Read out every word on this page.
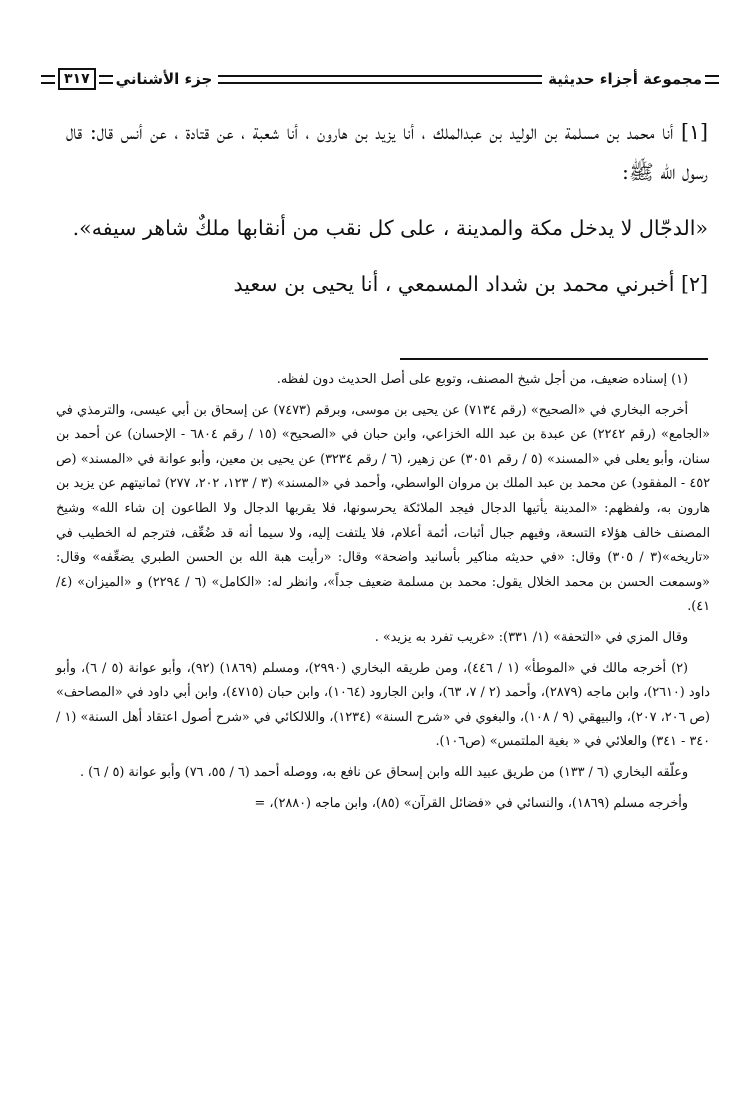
مجموعة أجزاء حديثية
جزء الأشناني
٣١٧

[١] أنا محمد بن مسلمة بن الوليد بن عبدالملك ، أنا يزيد بن هارون ، أنا شعبة ، عن قتادة ، عن أنس قال: قال رسول الله ﷺ:

«الدجّال لا يدخل مكة والمدينة ، على كل نقب من أنقابها ملكٌ شاهر سيفه».

[٢] أخبرني محمد بن شداد المسمعي ، أنا يحيى بن سعيد

(١) إسناده ضعيف، من أجل شيخ المصنف، وتوبع على أصل الحديث دون لفظه.

أخرجه البخاري في «الصحيح» (رقم ٧١٣٤) عن يحيى بن موسى، وبرقم (٧٤٧٣) عن إسحاق بن أبي عيسى، والترمذي في «الجامع» (رقم ٢٢٤٢) عن عبدة بن عبد الله الخزاعي، وابن حبان في «الصحيح» (١٥ / رقم ٦٨٠٤ - الإحسان) عن أحمد بن سنان، وأبو يعلى في «المسند» (٥ / رقم ٣٠٥١) عن زهير، (٦ / رقم ٣٢٣٤) عن يحيى بن معين، وأبو عوانة في «المسند» (ص ٤٥٢ - المفقود) عن محمد بن عبد الملك بن مروان الواسطي، وأحمد في «المسند» (٣ / ١٢٣، ٢٠٢، ٢٧٧) ثمانيتهم عن يزيد بن هارون به، ولفظهم: «المدينة يأتيها الدجال فيجد الملائكة يحرسونها، فلا يقربها الدجال ولا الطاعون إن شاء الله» وشيخ المصنف خالف هؤلاء التسعة، وفيهم جبال أثبات، أئمة أعلام، فلا يلتفت إليه، ولا سيما أنه قد ضُعِّف، فترجم له الخطيب في «تاريخه»(٣ / ٣٠٥) وقال: «في حديثه مناكير بأسانيد واضحة» وقال: «رأيت هبة الله بن الحسن الطبري يضعِّفه» وقال: «وسمعت الحسن بن محمد الخلال يقول: محمد بن مسلمة ضعيف جداً»، وانظر له: «الكامل» (٦ / ٢٢٩٤) و «الميزان» (٤/ ٤١).

وقال المزي في «التحفة» (١/ ٣٣١): «غريب تفرد به يزيد» .

(٢) أخرجه مالك في «الموطأ» (١ / ٤٤٦)، ومن طريقه البخاري (٢٩٩٠)، ومسلم (١٨٦٩) (٩٢)، وأبو عوانة (٥ / ٦)، وأبو داود (٢٦١٠)، وابن ماجه (٢٨٧٩)، وأحمد (٢ / ٧، ٦٣)، وابن الجارود (١٠٦٤)، وابن حبان (٤٧١٥)، وابن أبي داود في «المصاحف» (ص ٢٠٦، ٢٠٧)، والبيهقي (٩ / ١٠٨)، والبغوي في «شرح السنة» (١٢٣٤)، واللالكائي في «شرح أصول اعتقاد أهل السنة» (١ / ٣٤٠ - ٣٤١) والعلائي في « بغية الملتمس» (ص١٠٦).

وعلّقه البخاري (٦ / ١٣٣) من طريق عبيد الله وابن إسحاق عن نافع به، ووصله أحمد (٦ / ٥٥، ٧٦) وأبو عوانة (٥ / ٦) .

وأخرجه مسلم (١٨٦٩)، والنسائي في «فضائل القرآن» (٨٥)، وابن ماجه (٢٨٨٠)، =
